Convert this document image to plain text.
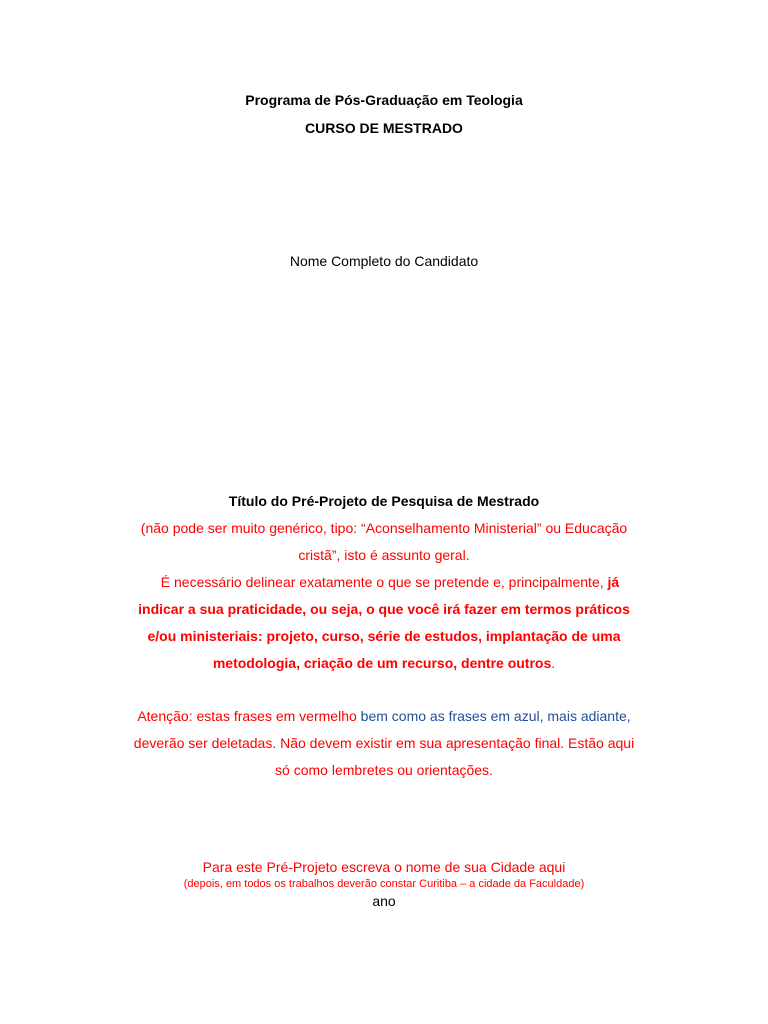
Programa de Pós-Graduação em Teologia
CURSO DE MESTRADO
Nome Completo do Candidato
Título do Pré-Projeto de Pesquisa de Mestrado
(não pode ser muito genérico, tipo: “Aconselhamento Ministerial” ou Educação
cristã”, isto é assunto geral.
É necessário delinear exatamente o que se pretende e, principalmente, já
indicar a sua praticidade, ou seja, o que você irá fazer em termos práticos
e/ou ministeriais: projeto, curso, série de estudos, implantação de uma
metodologia, criação de um recurso, dentre outros.
Atenção: estas frases em vermelho bem como as frases em azul, mais adiante,
deverão ser deletadas. Não devem existir em sua apresentação final. Estão aqui
só como lembretes ou orientações.
Para este Pré-Projeto escreva o nome de sua Cidade aqui
(depois, em todos os trabalhos deverão constar Curitiba – a cidade da Faculdade)
ano
